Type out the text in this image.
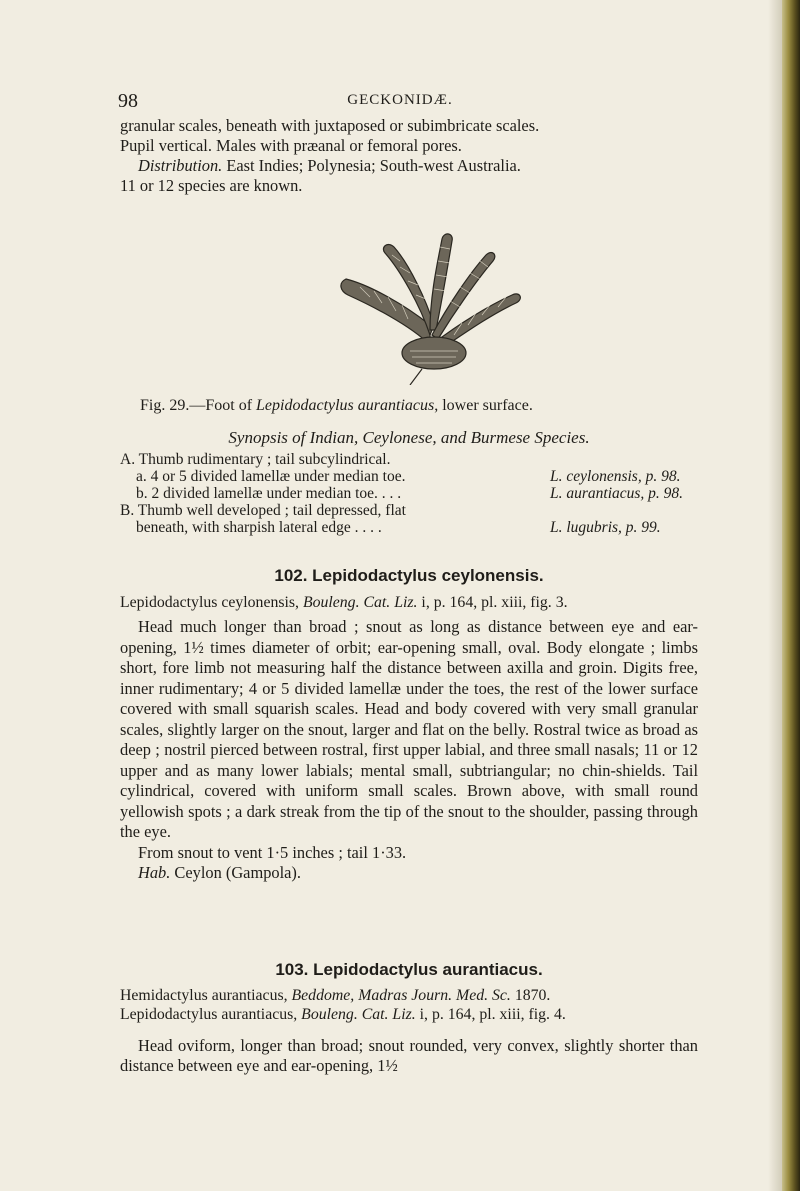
98	GECKONIDÆ.

granular scales, beneath with juxtaposed or subimbricate scales.

Pupil vertical. Males with præanal or femoral pores.

Distribution. East Indies; Polynesia; South-west Australia.

11 or 12 species are known.

Fig. 29.—Foot of Lepidodactylus aurantiacus, lower surface.
Synopsis of Indian, Ceylonese, and Burmese Species.
A. Thumb rudimentary ; tail subcylindrical.
a. 4 or 5 divided lamellæ under median toe.	L. ceylonensis, p. 98.
b. 2 divided lamellæ under median toe. . . .	L. aurantiacus, p. 98.
B. Thumb well developed ; tail depressed, flat
beneath, with sharpish lateral edge . . . .	L. lugubris, p. 99.
102. Lepidodactylus ceylonensis.
Lepidodactylus ceylonensis, Bouleng. Cat. Liz. i, p. 164, pl. xiii, fig. 3.

Head much longer than broad ; snout as long as distance between eye and ear-opening, 1½ times diameter of orbit; ear-opening small, oval. Body elongate ; limbs short, fore limb not measuring half the distance between axilla and groin. Digits free, inner rudimentary; 4 or 5 divided lamellæ under the toes, the rest of the lower surface covered with small squarish scales. Head and body covered with very small granular scales, slightly larger on the snout, larger and flat on the belly. Rostral twice as broad as deep ; nostril pierced between rostral, first upper labial, and three small nasals; 11 or 12 upper and as many lower labials; mental small, subtriangular; no chin-shields. Tail cylindrical, covered with uniform small scales. Brown above, with small round yellowish spots ; a dark streak from the tip of the snout to the shoulder, passing through the eye.

From snout to vent 1·5 inches ; tail 1·33.

Hab. Ceylon (Gampola).

103. Lepidodactylus aurantiacus.
Hemidactylus aurantiacus, Beddome, Madras Journ. Med. Sc. 1870.
Lepidodactylus aurantiacus, Bouleng. Cat. Liz. i, p. 164, pl. xiii, fig. 4.

Head oviform, longer than broad; snout rounded, very convex, slightly shorter than distance between eye and ear-opening, 1½
